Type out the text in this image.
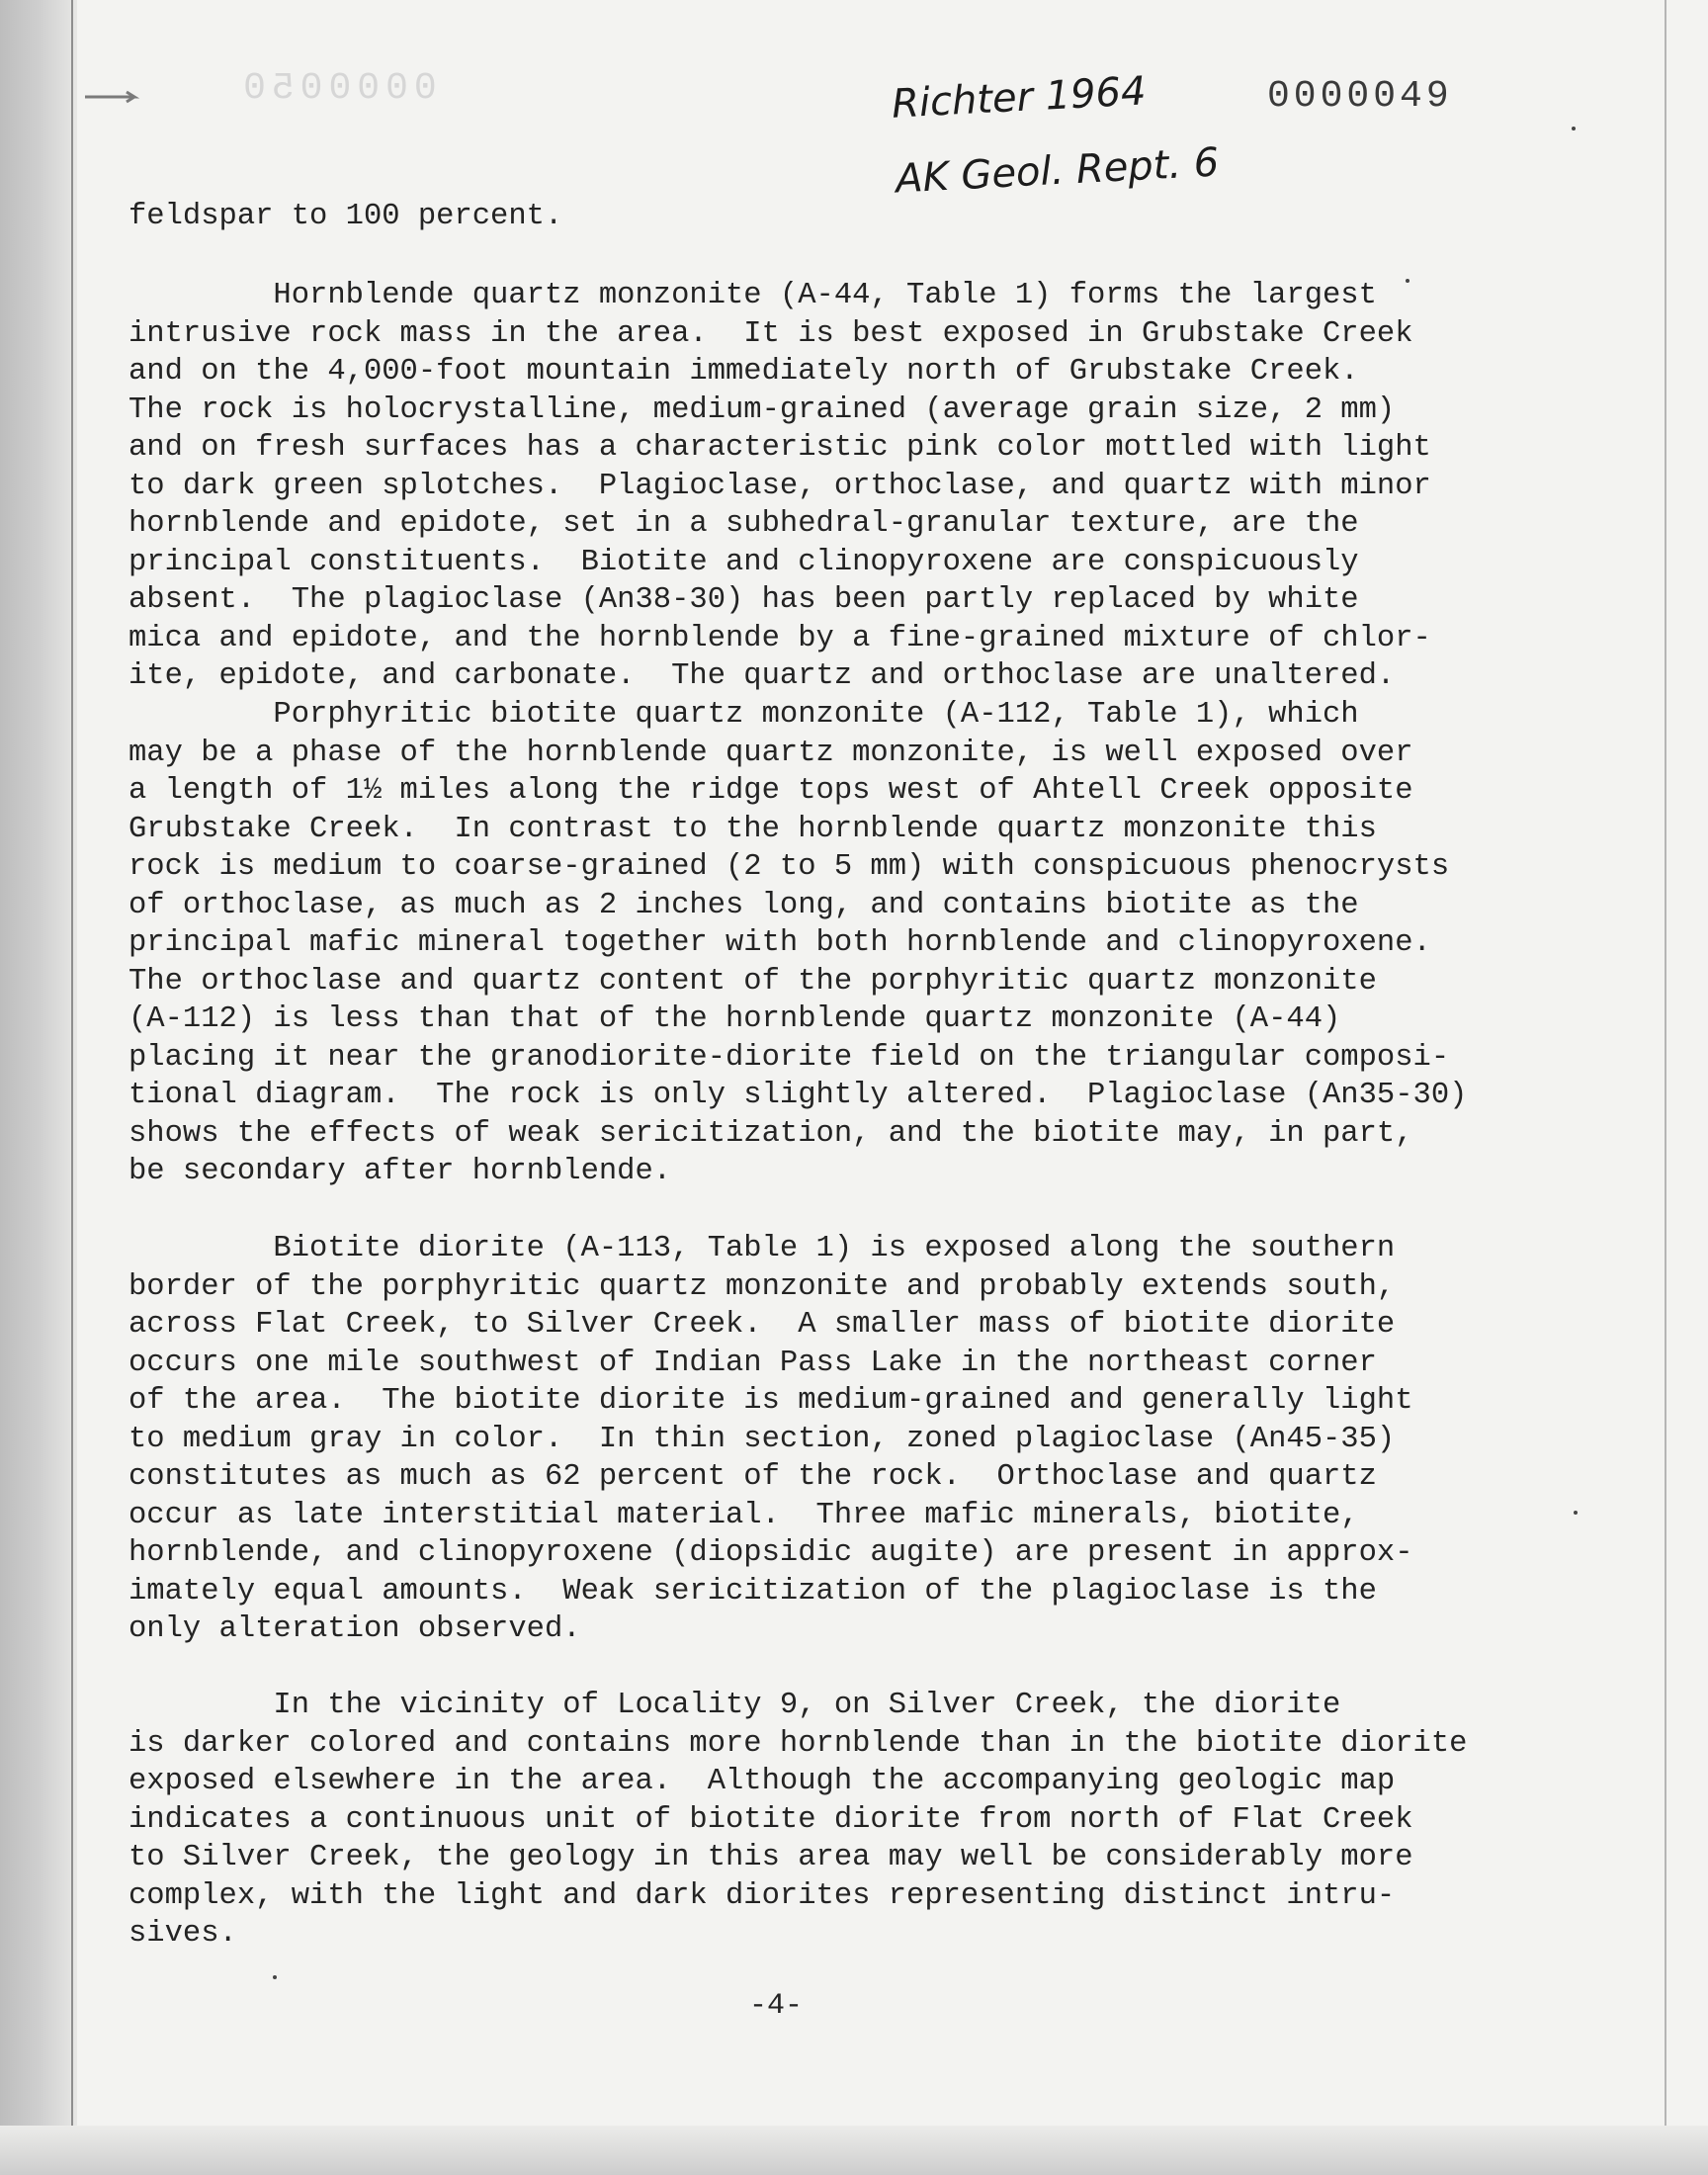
0000050	0000049
Richter 1964
AK Geol. Rept. 6
feldspar to 100 percent.
Hornblende quartz monzonite (A-44, Table 1) forms the largest
intrusive rock mass in the area.  It is best exposed in Grubstake Creek
and on the 4,000-foot mountain immediately north of Grubstake Creek.
The rock is holocrystalline, medium-grained (average grain size, 2 mm)
and on fresh surfaces has a characteristic pink color mottled with light
to dark green splotches.  Plagioclase, orthoclase, and quartz with minor
hornblende and epidote, set in a subhedral-granular texture, are the
principal constituents.  Biotite and clinopyroxene are conspicuously
absent.  The plagioclase (An38-30) has been partly replaced by white
mica and epidote, and the hornblende by a fine-grained mixture of chlor-
ite, epidote, and carbonate.  The quartz and orthoclase are unaltered.
Porphyritic biotite quartz monzonite (A-112, Table 1), which
may be a phase of the hornblende quartz monzonite, is well exposed over
a length of 1½ miles along the ridge tops west of Ahtell Creek opposite
Grubstake Creek.  In contrast to the hornblende quartz monzonite this
rock is medium to coarse-grained (2 to 5 mm) with conspicuous phenocrysts
of orthoclase, as much as 2 inches long, and contains biotite as the
principal mafic mineral together with both hornblende and clinopyroxene.
The orthoclase and quartz content of the porphyritic quartz monzonite
(A-112) is less than that of the hornblende quartz monzonite (A-44)
placing it near the granodiorite-diorite field on the triangular composi-
tional diagram.  The rock is only slightly altered.  Plagioclase (An35-30)
shows the effects of weak sericitization, and the biotite may, in part,
be secondary after hornblende.
Biotite diorite (A-113, Table 1) is exposed along the southern
border of the porphyritic quartz monzonite and probably extends south,
across Flat Creek, to Silver Creek.  A smaller mass of biotite diorite
occurs one mile southwest of Indian Pass Lake in the northeast corner
of the area.  The biotite diorite is medium-grained and generally light
to medium gray in color.  In thin section, zoned plagioclase (An45-35)
constitutes as much as 62 percent of the rock.  Orthoclase and quartz
occur as late interstitial material.  Three mafic minerals, biotite,
hornblende, and clinopyroxene (diopsidic augite) are present in approx-
imately equal amounts.  Weak sericitization of the plagioclase is the
only alteration observed.
In the vicinity of Locality 9, on Silver Creek, the diorite
is darker colored and contains more hornblende than in the biotite diorite
exposed elsewhere in the area.  Although the accompanying geologic map
indicates a continuous unit of biotite diorite from north of Flat Creek
to Silver Creek, the geology in this area may well be considerably more
complex, with the light and dark diorites representing distinct intru-
sives.
-4-
